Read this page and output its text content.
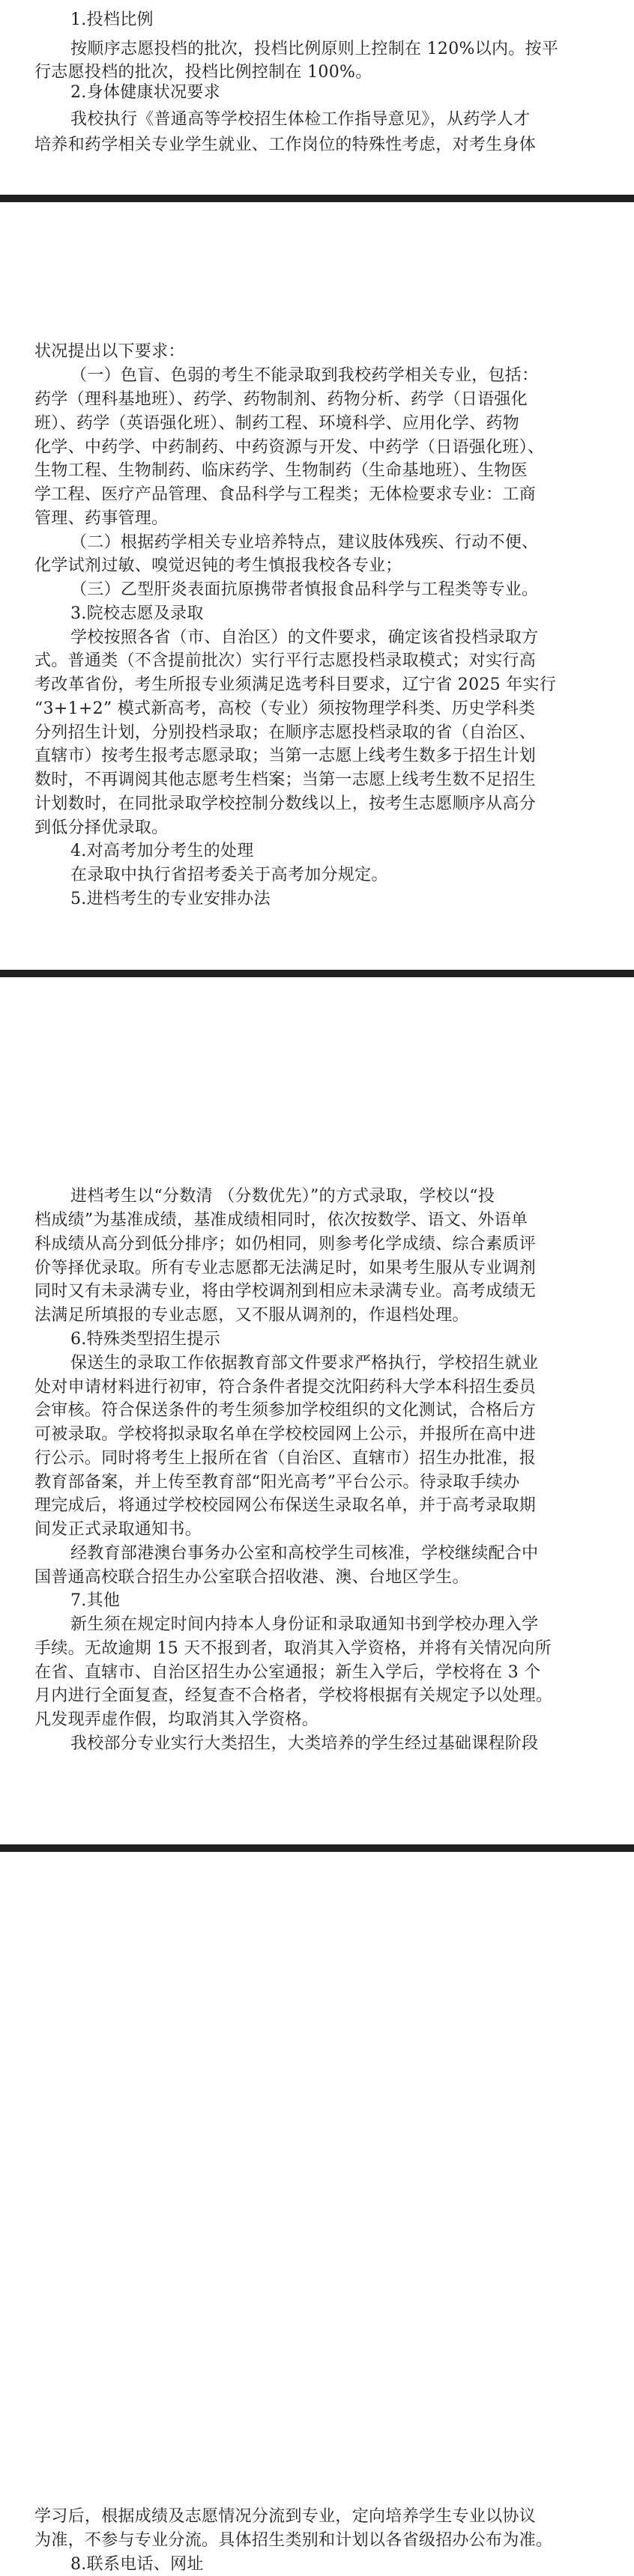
1.投档比例
按顺序志愿投档的批次，投档比例原则上控制在 120%以内。按平
行志愿投档的批次，投档比例控制在 100%。
2.身体健康状况要求
我校执行《普通高等学校招生体检工作指导意见》，从药学人才
培养和药学相关专业学生就业、工作岗位的特殊性考虑，对考生身体
状况提出以下要求：
（一）色盲、色弱的考生不能录取到我校药学相关专业，包括：
药学（理科基地班）、药学、药物制剂、药物分析、药学（日语强化
班）、药学（英语强化班）、制药工程、环境科学、应用化学、药物
化学、中药学、中药制药、中药资源与开发、中药学（日语强化班）、
生物工程、生物制药、临床药学、生物制药（生命基地班）、生物医
学工程、医疗产品管理、食品科学与工程类；无体检要求专业：工商
管理、药事管理。
（二）根据药学相关专业培养特点，建议肢体残疾、行动不便、
化学试剂过敏、嗅觉迟钝的考生慎报我校各专业；
（三）乙型肝炎表面抗原携带者慎报食品科学与工程类等专业。
3.院校志愿及录取
学校按照各省（市、自治区）的文件要求，确定该省投档录取方
式。普通类（不含提前批次）实行平行志愿投档录取模式；对实行高
考改革省份，考生所报专业须满足选考科目要求，辽宁省 2025 年实行
“3+1+2” 模式新高考，高校（专业）须按物理学科类、历史学科类
分列招生计划，分别投档录取；在顺序志愿投档录取的省（自治区、
直辖市）按考生报考志愿录取；当第一志愿上线考生数多于招生计划
数时，不再调阅其他志愿考生档案；当第一志愿上线考生数不足招生
计划数时，在同批录取学校控制分数线以上，按考生志愿顺序从高分
到低分择优录取。
4.对高考加分考生的处理
在录取中执行省招考委关于高考加分规定。
5.进档考生的专业安排办法
进档考生以“分数清 （分数优先）”的方式录取，学校以“投
档成绩”为基准成绩，基准成绩相同时，依次按数学、语文、外语单
科成绩从高分到低分排序；如仍相同，则参考化学成绩、综合素质评
价等择优录取。所有专业志愿都无法满足时，如果考生服从专业调剂
同时又有未录满专业，将由学校调剂到相应未录满专业。高考成绩无
法满足所填报的专业志愿，又不服从调剂的，作退档处理。
6.特殊类型招生提示
保送生的录取工作依据教育部文件要求严格执行，学校招生就业
处对申请材料进行初审，符合条件者提交沈阳药科大学本科招生委员
会审核。符合保送条件的考生须参加学校组织的文化测试，合格后方
可被录取。学校将拟录取名单在学校校园网上公示，并报所在高中进
行公示。同时将考生上报所在省（自治区、直辖市）招生办批准，报
教育部备案，并上传至教育部“阳光高考”平台公示。待录取手续办
理完成后，将通过学校校园网公布保送生录取名单，并于高考录取期
间发正式录取通知书。
经教育部港澳台事务办公室和高校学生司核准，学校继续配合中
国普通高校联合招生办公室联合招收港、澳、台地区学生。
7.其他
新生须在规定时间内持本人身份证和录取通知书到学校办理入学
手续。无故逾期 15 天不报到者，取消其入学资格，并将有关情况向所
在省、直辖市、自治区招生办公室通报；新生入学后，学校将在 3 个
月内进行全面复查，经复查不合格者，学校将根据有关规定予以处理。
凡发现弄虚作假，均取消其入学资格。
我校部分专业实行大类招生，大类培养的学生经过基础课程阶段
学习后，根据成绩及志愿情况分流到专业，定向培养学生专业以协议
为准，不参与专业分流。具体招生类别和计划以各省级招办公布为准。
8.联系电话、网址
